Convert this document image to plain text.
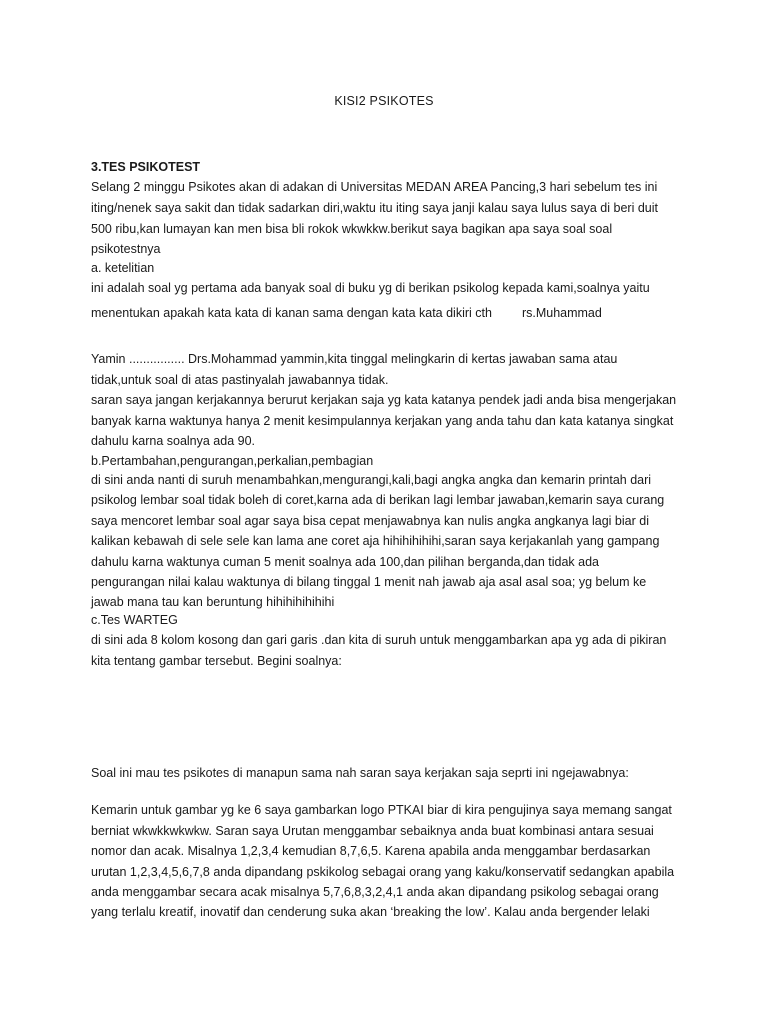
KISI2 PSIKOTES
3.TES PSIKOTEST
Selang 2 minggu Psikotes akan di adakan di Universitas MEDAN AREA Pancing,3 hari sebelum tes ini
iting/nenek saya sakit dan tidak sadarkan diri,waktu itu iting saya janji kalau saya lulus saya di beri duit
500 ribu,kan lumayan kan men bisa bli rokok wkwkkw.berikut saya bagikan apa saya soal soal
psikotestnya
a. ketelitian
ini adalah soal yg pertama ada banyak soal di buku yg di berikan psikolog kepada kami,soalnya yaitu
menentukan apakah kata kata di kanan sama dengan kata kata dikiri cth rs.Muhammad
Yamin ................ Drs.Mohammad yammin,kita tinggal melingkarin di kertas jawaban sama atau
tidak,untuk soal di atas pastinyalah jawabannya tidak.
saran saya jangan kerjakannya berurut kerjakan saja yg kata katanya pendek jadi anda bisa mengerjakan
banyak karna waktunya hanya 2 menit kesimpulannya kerjakan yang anda tahu dan kata katanya singkat
dahulu karna soalnya ada 90.
b.Pertambahan,pengurangan,perkalian,pembagian
di sini anda nanti di suruh menambahkan,mengurangi,kali,bagi angka angka dan kemarin printah dari
psikolog lembar soal tidak boleh di coret,karna ada di berikan lagi lembar jawaban,kemarin saya curang
saya mencoret lembar soal agar saya bisa cepat menjawabnya kan nulis angka angkanya lagi biar di
kalikan kebawah di sele sele kan lama ane coret aja hihihihihihi,saran saya kerjakanlah yang gampang
dahulu karna waktunya cuman 5 menit soalnya ada 100,dan pilihan berganda,dan tidak ada
pengurangan nilai kalau waktunya di bilang tinggal 1 menit nah jawab aja asal asal soa; yg belum ke
jawab mana tau kan beruntung hihihihihihihi
c.Tes WARTEG
di sini ada 8 kolom kosong dan gari garis .dan kita di suruh untuk menggambarkan apa yg ada di pikiran
kita tentang gambar tersebut. Begini soalnya:
Soal ini mau tes psikotes di manapun sama nah saran saya kerjakan saja seprti ini ngejawabnya:
Kemarin untuk gambar yg ke 6 saya gambarkan logo PTKAI biar di kira pengujinya saya memang sangat
berniat wkwkkwkwkw. Saran saya Urutan menggambar sebaiknya anda buat kombinasi antara sesuai
nomor dan acak. Misalnya 1,2,3,4 kemudian 8,7,6,5. Karena apabila anda menggambar berdasarkan
urutan 1,2,3,4,5,6,7,8 anda dipandang pskikolog sebagai orang yang kaku/konservatif sedangkan apabila
anda menggambar secara acak misalnya 5,7,6,8,3,2,4,1 anda akan dipandang psikolog sebagai orang
yang terlalu kreatif, inovatif dan cenderung suka akan ‘breaking the low’. Kalau anda bergender lelaki
